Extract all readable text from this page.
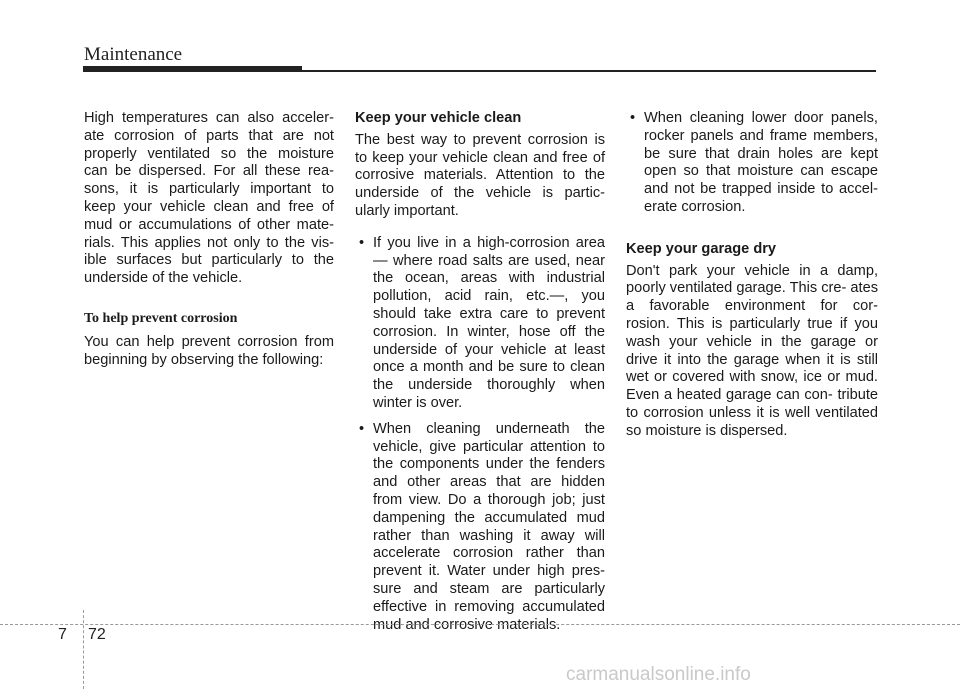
Maintenance

High temperatures can also acceler- ate corrosion of parts that are not properly ventilated so the moisture can be dispersed. For all these rea- sons, it is particularly important to keep your vehicle clean and free of mud or accumulations of other mate- rials. This applies not only to the vis- ible surfaces but particularly to the underside of the vehicle.

To help prevent corrosion

You can help prevent corrosion from beginning by observing the following:

Keep your vehicle clean

The best way to prevent corrosion is to keep your vehicle clean and free of corrosive materials. Attention to the underside of the vehicle is partic- ularly important.

• If you live in a high-corrosion area — where road salts are used, near the ocean, areas with industrial pollution, acid rain, etc.—, you should take extra care to prevent corrosion. In winter, hose off the underside of your vehicle at least once a month and be sure to clean the underside thoroughly when winter is over.

• When cleaning underneath the vehicle, give particular attention to the components under the fenders and other areas that are hidden from view. Do a thorough job; just dampening the accumulated mud rather than washing it away will accelerate corrosion rather than prevent it. Water under high pres- sure and steam are particularly effective in removing accumulated mud and corrosive materials.

• When cleaning lower door panels, rocker panels and frame members, be sure that drain holes are kept open so that moisture can escape and not be trapped inside to accel- erate corrosion.

Keep your garage dry

Don't park your vehicle in a damp, poorly ventilated garage. This cre- ates a favorable environment for cor- rosion. This is particularly true if you wash your vehicle in the garage or drive it into the garage when it is still wet or covered with snow, ice or mud. Even a heated garage can con- tribute to corrosion unless it is well ventilated so moisture is dispersed.

7 72
carmanualsonline.info
